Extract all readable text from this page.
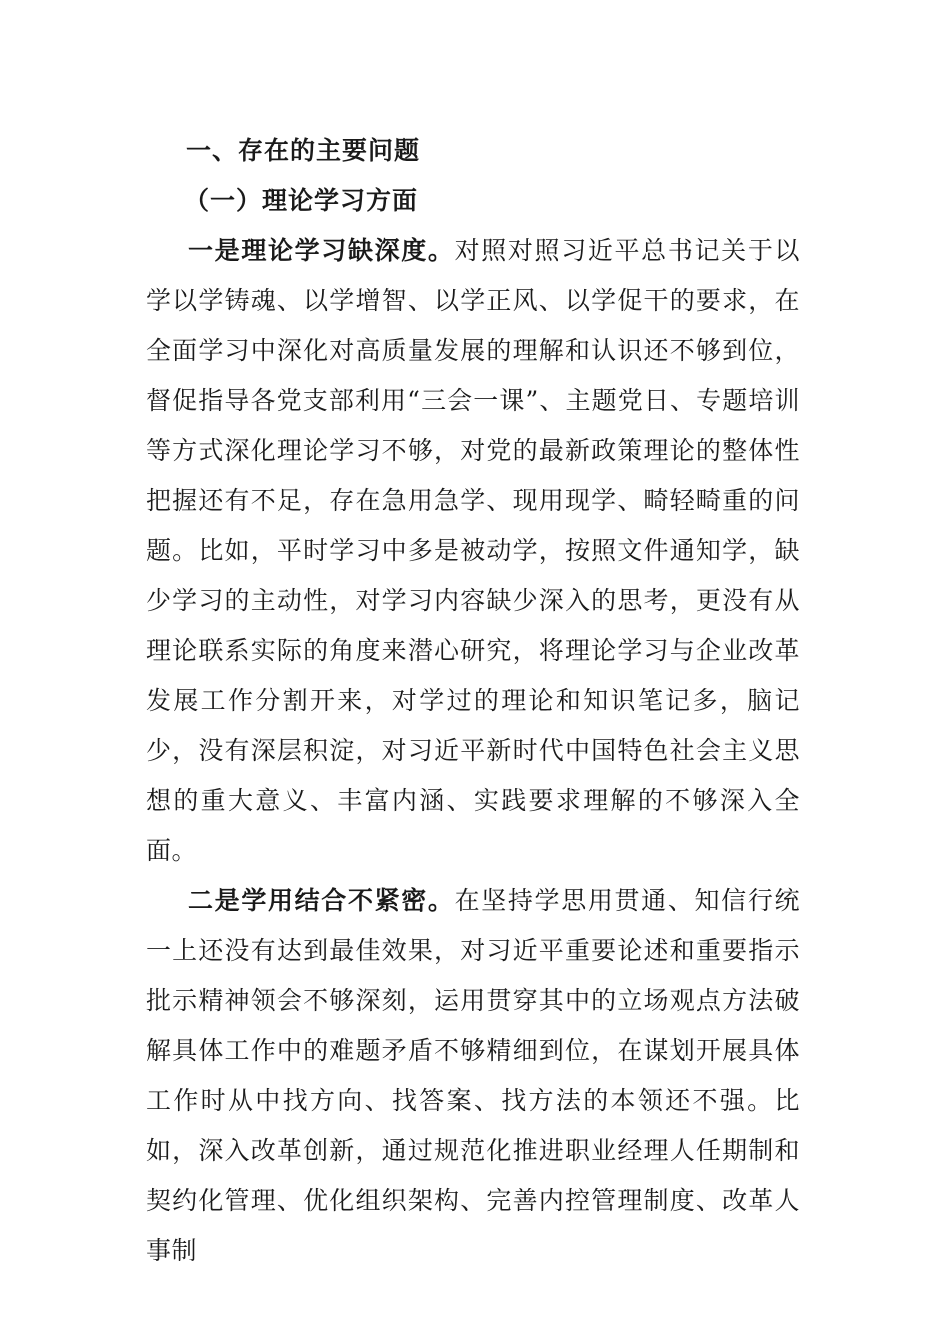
一、存在的主要问题
（一）理论学习方面

一是理论学习缺深度。对照对照习近平总书记关于以学以学铸魂、以学增智、以学正风、以学促干的要求，在全面学习中深化对高质量发展的理解和认识还不够到位，督促指导各党支部利用“三会一课”、主题党日、专题培训等方式深化理论学习不够，对党的最新政策理论的整体性把握还有不足，存在急用急学、现用现学、畸轻畸重的问题。比如，平时学习中多是被动学，按照文件通知学，缺少学习的主动性，对学习内容缺少深入的思考，更没有从理论联系实际的角度来潜心研究，将理论学习与企业改革发展工作分割开来，对学过的理论和知识笔记多，脑记少，没有深层积淀，对习近平新时代中国特色社会主义思想的重大意义、丰富内涵、实践要求理解的不够深入全面。

二是学用结合不紧密。在坚持学思用贯通、知信行统一上还没有达到最佳效果，对习近平重要论述和重要指示批示精神领会不够深刻，运用贯穿其中的立场观点方法破解具体工作中的难题矛盾不够精细到位，在谋划开展具体工作时从中找方向、找答案、找方法的本领还不强。比如，深入改革创新，通过规范化推进职业经理人任期制和契约化管理、优化组织架构、完善内控管理制度、改革人事制
